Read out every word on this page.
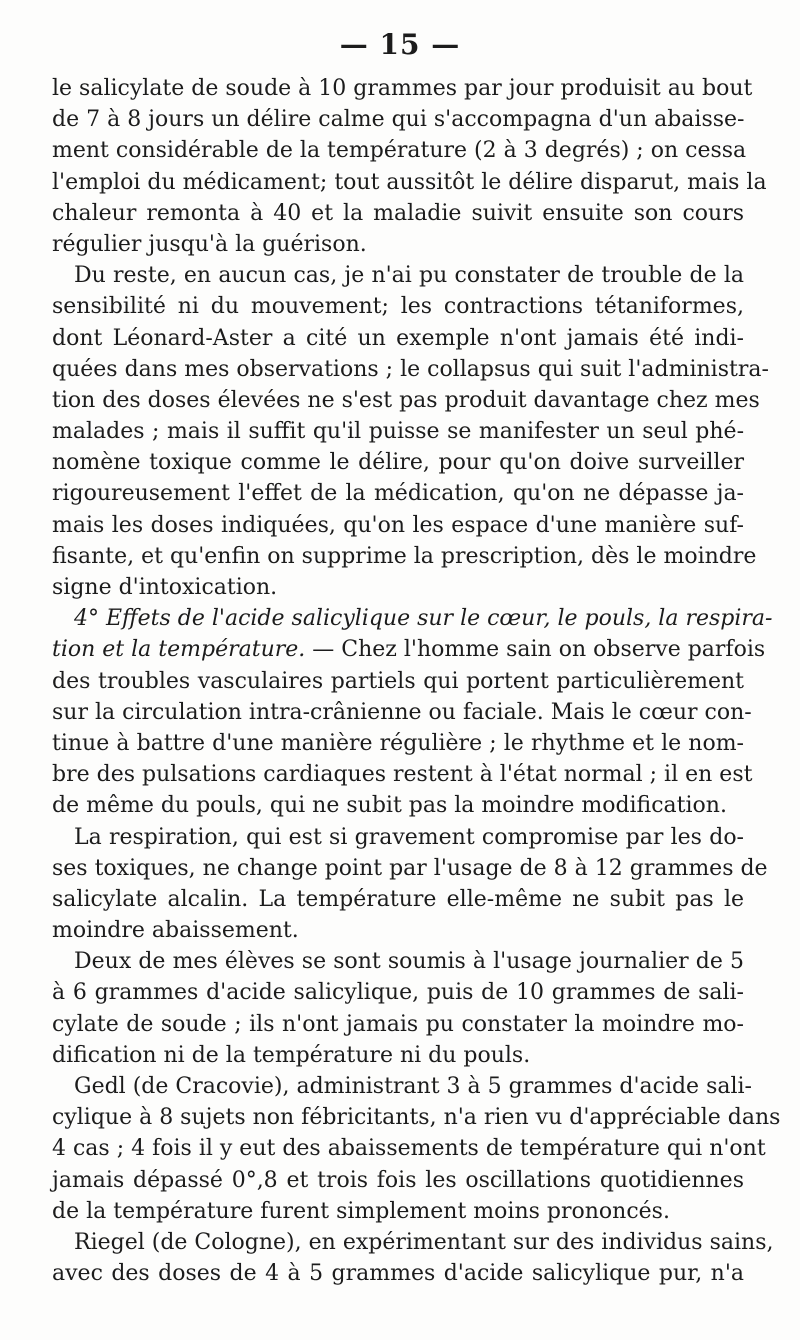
— 15 —
le salicylate de soude à 10 grammes par jour produisit au bout
de 7 à 8 jours un délire calme qui s'accompagna d'un abaisse-
ment considérable de la température (2 à 3 degrés) ; on cessa
l'emploi du médicament; tout aussitôt le délire disparut, mais la
chaleur remonta à 40 et la maladie suivit ensuite son cours
régulier jusqu'à la guérison.
Du reste, en aucun cas, je n'ai pu constater de trouble de la
sensibilité ni du mouvement; les contractions tétaniformes,
dont Léonard-Aster a cité un exemple n'ont jamais été indi-
quées dans mes observations ; le collapsus qui suit l'administra-
tion des doses élevées ne s'est pas produit davantage chez mes
malades ; mais il suffit qu'il puisse se manifester un seul phé-
nomène toxique comme le délire, pour qu'on doive surveiller
rigoureusement l'effet de la médication, qu'on ne dépasse ja-
mais les doses indiquées, qu'on les espace d'une manière suf-
fisante, et qu'enfin on supprime la prescription, dès le moindre
signe d'intoxication.
4° Effets de l'acide salicylique sur le cœur, le pouls, la respira-
tion et la température. — Chez l'homme sain on observe parfois
des troubles vasculaires partiels qui portent particulièrement
sur la circulation intra-crânienne ou faciale. Mais le cœur con-
tinue à battre d'une manière régulière ; le rhythme et le nom-
bre des pulsations cardiaques restent à l'état normal ; il en est
de même du pouls, qui ne subit pas la moindre modification.
La respiration, qui est si gravement compromise par les do-
ses toxiques, ne change point par l'usage de 8 à 12 grammes de
salicylate alcalin. La température elle-même ne subit pas le
moindre abaissement.
Deux de mes élèves se sont soumis à l'usage journalier de 5
à 6 grammes d'acide salicylique, puis de 10 grammes de sali-
cylate de soude ; ils n'ont jamais pu constater la moindre mo-
dification ni de la température ni du pouls.
Gedl (de Cracovie), administrant 3 à 5 grammes d'acide sali-
cylique à 8 sujets non fébricitants, n'a rien vu d'appréciable dans
4 cas ; 4 fois il y eut des abaissements de température qui n'ont
jamais dépassé 0°,8 et trois fois les oscillations quotidiennes
de la température furent simplement moins prononcés.
Riegel (de Cologne), en expérimentant sur des individus sains,
avec des doses de 4 à 5 grammes d'acide salicylique pur, n'a
